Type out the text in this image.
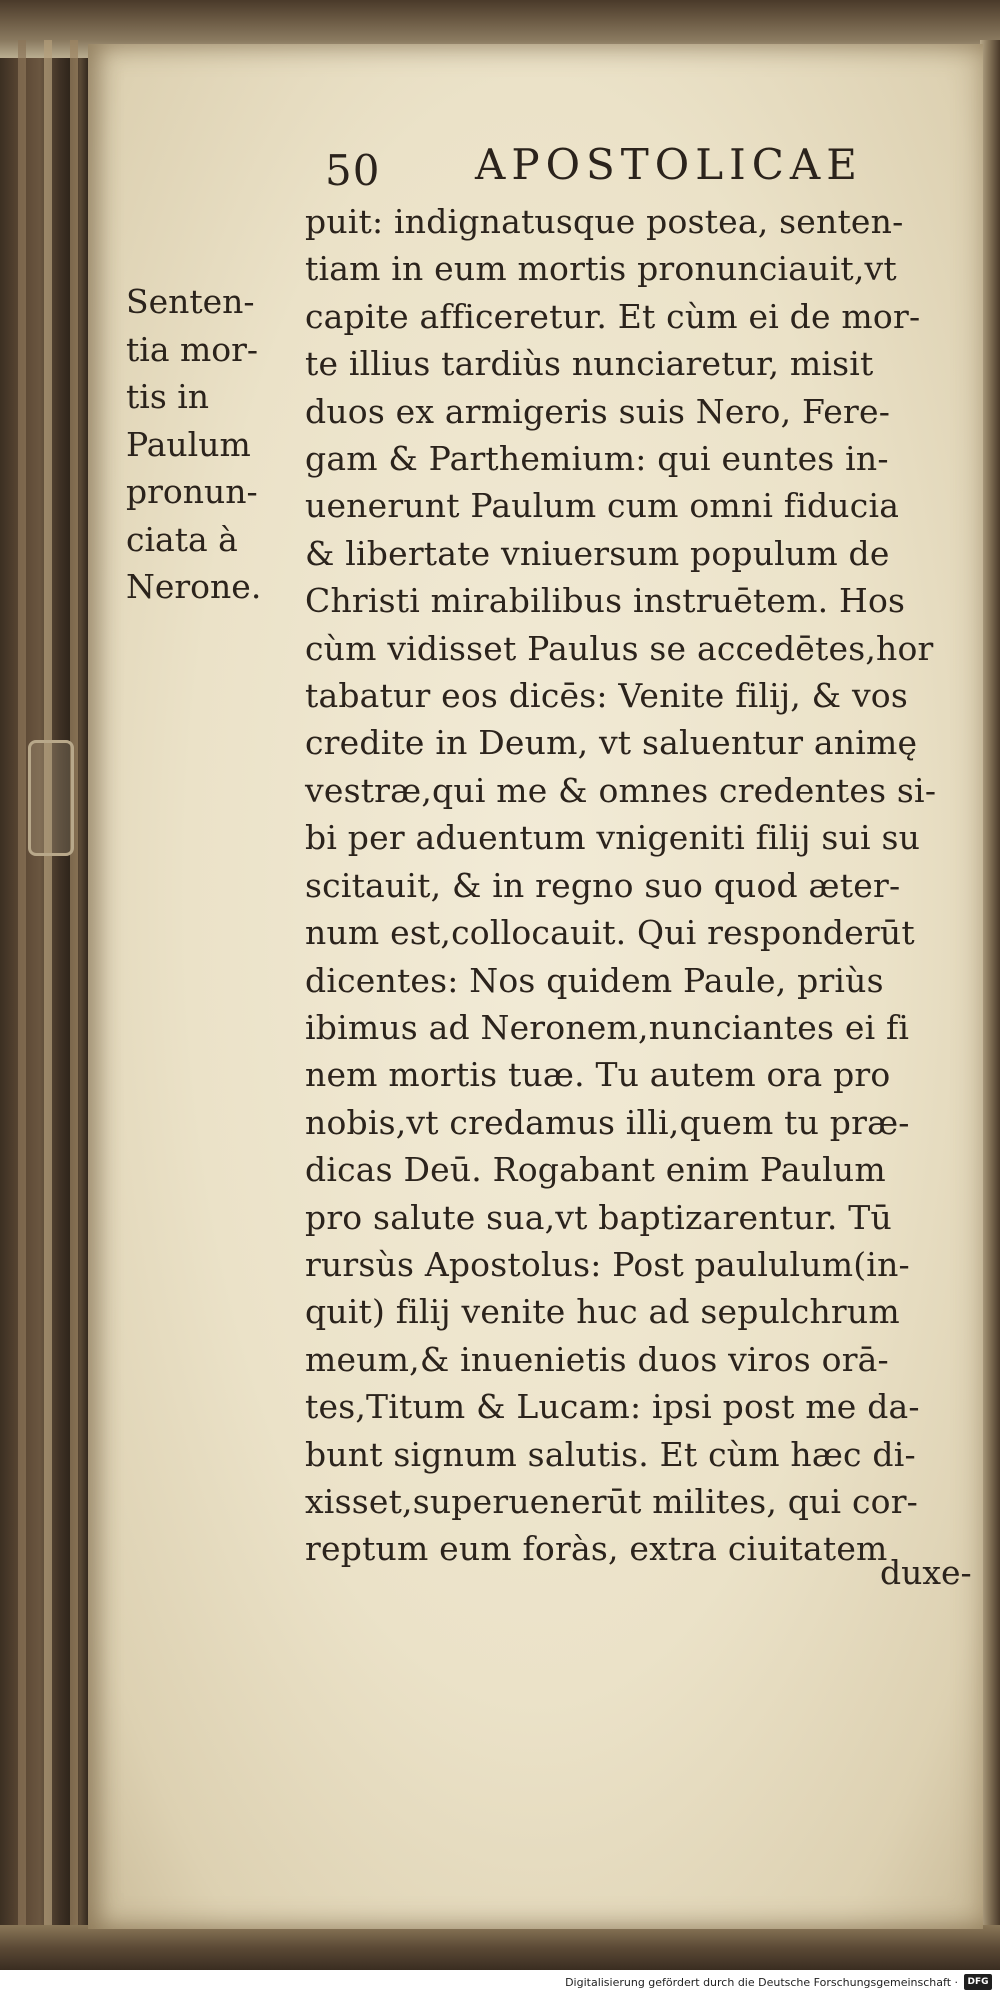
50 APOSTOLICAE
Senten-
tia mor-
tis in
Paulum
pronun-
ciata à
Nerone.
puit: indignatusque postea, senten-
tiam in eum mortis pronunciauit,vt
capite afficeretur. Et cùm ei de mor-
te illius tardiùs nunciaretur, misit
duos ex armigeris suis Nero, Fere-
gam & Parthemium: qui euntes in-
uenerunt Paulum cum omni fiducia
& libertate vniuersum populum de
Christi mirabilibus instruētem. Hos
cùm vidisset Paulus se accedētes,hor
tabatur eos dicēs: Venite filij, & vos
credite in Deum, vt saluentur animę
vestræ,qui me & omnes credentes si-
bi per aduentum vnigeniti filij sui su
scitauit, & in regno suo quod æter-
num est,collocauit. Qui responderūt
dicentes: Nos quidem Paule, priùs
ibimus ad Neronem,nunciantes ei fi
nem mortis tuæ. Tu autem ora pro
nobis,vt credamus illi,quem tu præ-
dicas Deū. Rogabant enim Paulum
pro salute sua,vt baptizarentur. Tū
rursùs Apostolus: Post paululum(in-
quit) filij venite huc ad sepulchrum
meum,& inuenietis duos viros orā-
tes,Titum & Lucam: ipsi post me da-
bunt signum salutis. Et cùm hæc di-
xisset,superuenerūt milites, qui cor-
reptum eum foràs, extra ciuitatem
duxe-
Digitalisierung gefördert durch die Deutsche Forschungsgemeinschaft ·	DFG
